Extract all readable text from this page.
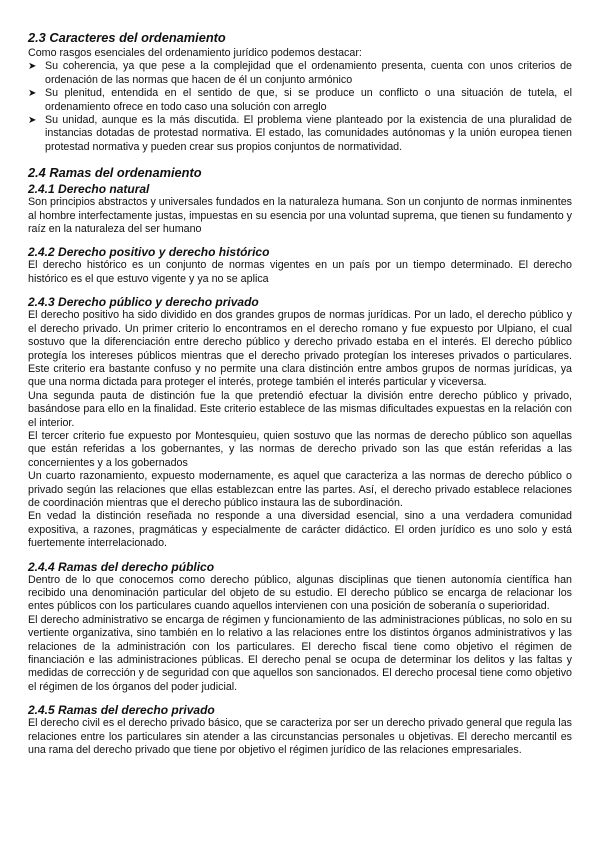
2.3 Caracteres del ordenamiento

Como rasgos esenciales del ordenamiento jurídico podemos destacar:

➤ Su coherencia, ya que pese a la complejidad que el ordenamiento presenta, cuenta con unos criterios de ordenación de las normas que hacen de él un conjunto armónico
➤ Su plenitud, entendida en el sentido de que, si se produce un conflicto o una situación de tutela, el ordenamiento ofrece en todo caso una solución con arreglo
➤ Su unidad, aunque es la más discutida. El problema viene planteado por la existencia de una pluralidad de instancias dotadas de protestad normativa. El estado, las comunidades autónomas y la unión europea tienen protestad normativa y pueden crear sus propios conjuntos de normatividad.
2.4 Ramas del ordenamiento
2.4.1 Derecho natural

Son principios abstractos y universales fundados en la naturaleza humana. Son un conjunto de normas inminentes al hombre interfectamente justas, impuestas en su esencia por una voluntad suprema, que tienen su fundamento y raíz en la naturaleza del ser humano

2.4.2 Derecho positivo y derecho histórico

El derecho histórico es un conjunto de normas vigentes en un país por un tiempo determinado. El derecho histórico es el que estuvo vigente y ya no se aplica

2.4.3 Derecho público y derecho privado

El derecho positivo ha sido dividido en dos grandes grupos de normas jurídicas. Por un lado, el derecho público y el derecho privado. Un primer criterio lo encontramos en el derecho romano y fue expuesto por Ulpiano, el cual sostuvo que la diferenciación entre derecho público y derecho privado estaba en el interés. El derecho público protegía los intereses públicos mientras que el derecho privado protegían los intereses privados o particulares. Este criterio era bastante confuso y no permite una clara distinción entre ambos grupos de normas jurídicas, ya que una norma dictada para proteger el interés, protege también el interés particular y viceversa.

Una segunda pauta de distinción fue la que pretendió efectuar la división entre derecho público y privado, basándose para ello en la finalidad. Este criterio establece de las mismas dificultades expuestas en la relación con el interior.

El tercer criterio fue expuesto por Montesquieu, quien sostuvo que las normas de derecho público son aquellas que están referidas a los gobernantes, y las normas de derecho privado son las que están referidas a las concernientes y a los gobernados

Un cuarto razonamiento, expuesto modernamente, es aquel que caracteriza a las normas de derecho público o privado según las relaciones que ellas establezcan entre las partes. Así, el derecho privado establece relaciones de coordinación mientras que el derecho público instaura las de subordinación.

En vedad la distinción reseñada no responde a una diversidad esencial, sino a una verdadera comunidad expositiva, a razones, pragmáticas y especialmente de carácter didáctico. El orden jurídico es uno solo y está fuertemente interrelacionado.

2.4.4 Ramas del derecho público

Dentro de lo que conocemos como derecho público, algunas disciplinas que tienen autonomía científica han recibido una denominación particular del objeto de su estudio. El derecho público se encarga de relacionar los entes públicos con los particulares cuando aquellos intervienen con una posición de soberanía o superioridad.

El derecho administrativo se encarga de régimen y funcionamiento de las administraciones públicas, no solo en su vertiente organizativa, sino también en lo relativo a las relaciones entre los distintos órganos administrativos y las relaciones de la administración con los particulares. El derecho fiscal tiene como objetivo el régimen de financiación e las administraciones públicas. El derecho penal se ocupa de determinar los delitos y las faltas y medidas de corrección y de seguridad con que aquellos son sancionados. El derecho procesal tiene como objetivo el régimen de los órganos del poder judicial.

2.4.5 Ramas del derecho privado

El derecho civil es el derecho privado básico, que se caracteriza por ser un derecho privado general que regula las relaciones entre los particulares sin atender a las circunstancias personales u objetivas. El derecho mercantil es una rama del derecho privado que tiene por objetivo el régimen jurídico de las relaciones empresariales.
